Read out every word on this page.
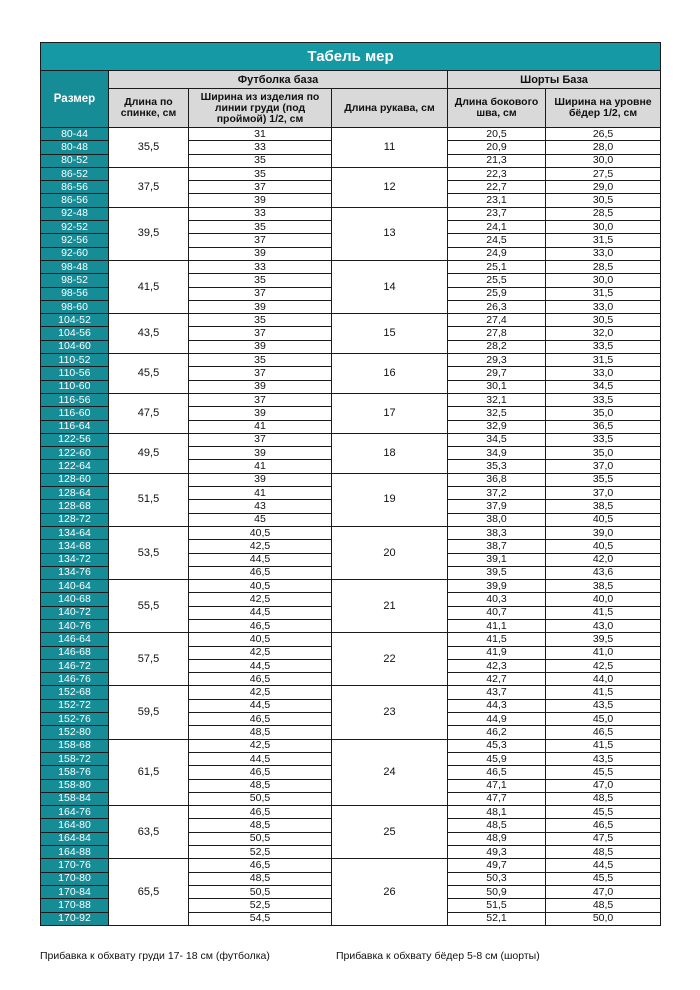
Табель мер					
Размер	Футболка база			Шорты База	
	Длина по спинке, см	Ширина из изделия по линии груди (под проймой) 1/2, см	Длина рукава, см	Длина бокового шва, см	Ширина на уровне бёдер 1/2, см
80-44	35,5	31	11	20,5	26,5
80-48		33		20,9	28,0
80-52		35		21,3	30,0
86-52	37,5	35	12	22,3	27,5
86-56		37		22,7	29,0
86-56		39		23,1	30,5
92-48	39,5	33	13	23,7	28,5
92-52		35		24,1	30,0
92-56		37		24,5	31,5
92-60		39		24,9	33,0
98-48	41,5	33	14	25,1	28,5
98-52		35		25,5	30,0
98-56		37		25,9	31,5
98-60		39		26,3	33,0
104-52	43,5	35	15	27,4	30,5
104-56		37		27,8	32,0
104-60		39		28,2	33,5
110-52	45,5	35	16	29,3	31,5
110-56		37		29,7	33,0
110-60		39		30,1	34,5
116-56	47,5	37	17	32,1	33,5
116-60		39		32,5	35,0
116-64		41		32,9	36,5
122-56	49,5	37	18	34,5	33,5
122-60		39		34,9	35,0
122-64		41		35,3	37,0
128-60	51,5	39	19	36,8	35,5
128-64		41		37,2	37,0
128-68		43		37,9	38,5
128-72		45		38,0	40,5
134-64	53,5	40,5	20	38,3	39,0
134-68		42,5		38,7	40,5
134-72		44,5		39,1	42,0
134-76		46,5		39,5	43,6
140-64	55,5	40,5	21	39,9	38,5
140-68		42,5		40,3	40,0
140-72		44,5		40,7	41,5
140-76		46,5		41,1	43,0
146-64	57,5	40,5	22	41,5	39,5
146-68		42,5		41,9	41,0
146-72		44,5		42,3	42,5
146-76		46,5		42,7	44,0
152-68	59,5	42,5	23	43,7	41,5
152-72		44,5		44,3	43,5
152-76		46,5		44,9	45,0
152-80		48,5		46,2	46,5
158-68	61,5	42,5	24	45,3	41,5
158-72		44,5		45,9	43,5
158-76		46,5		46,5	45,5
158-80		48,5		47,1	47,0
158-84		50,5		47,7	48,5
164-76	63,5	46,5	25	48,1	45,5
164-80		48,5		48,5	46,5
164-84		50,5		48,9	47,5
164-88		52,5		49,3	48,5
170-76	65,5	46,5	26	49,7	44,5
170-80		48,5		50,3	45,5
170-84		50,5		50,9	47,0
170-88		52,5		51,5	48,5
170-92		54,5		52,1	50,0
Прибавка к обхвату груди 17- 18 см (футболка)	Прибавка к обхвату бёдер 5-8 см (шорты)
